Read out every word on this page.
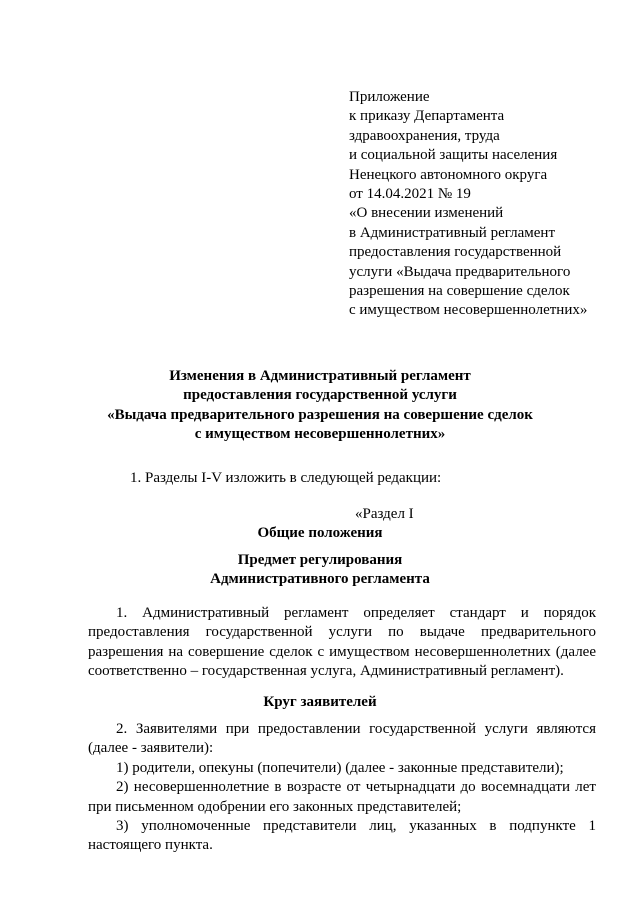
Приложение
к приказу Департамента
здравоохранения, труда
и социальной защиты населения
Ненецкого автономного округа
от 14.04.2021 № 19
«О внесении изменений
в Административный регламент
предоставления государственной
услуги «Выдача предварительного
разрешения на совершение сделок
с имуществом несовершеннолетних»
Изменения в Административный регламент
предоставления государственной услуги
«Выдача предварительного разрешения на совершение сделок
с имуществом несовершеннолетних»
1. Разделы I-V изложить в следующей редакции:
«Раздел I
Общие положения
Предмет регулирования
Административного регламента

1. Административный регламент определяет стандарт и порядок предоставления государственной услуги по выдаче предварительного разрешения на совершение сделок с имуществом несовершеннолетних (далее соответственно – государственная услуга, Административный регламент).

Круг заявителей

2. Заявителями при предоставлении государственной услуги являются (далее - заявители):

1) родители, опекуны (попечители) (далее - законные представители);

2) несовершеннолетние в возрасте от четырнадцати до восемнадцати лет при письменном одобрении его законных представителей;

3) уполномоченные представители лиц, указанных в подпункте 1 настоящего пункта.
